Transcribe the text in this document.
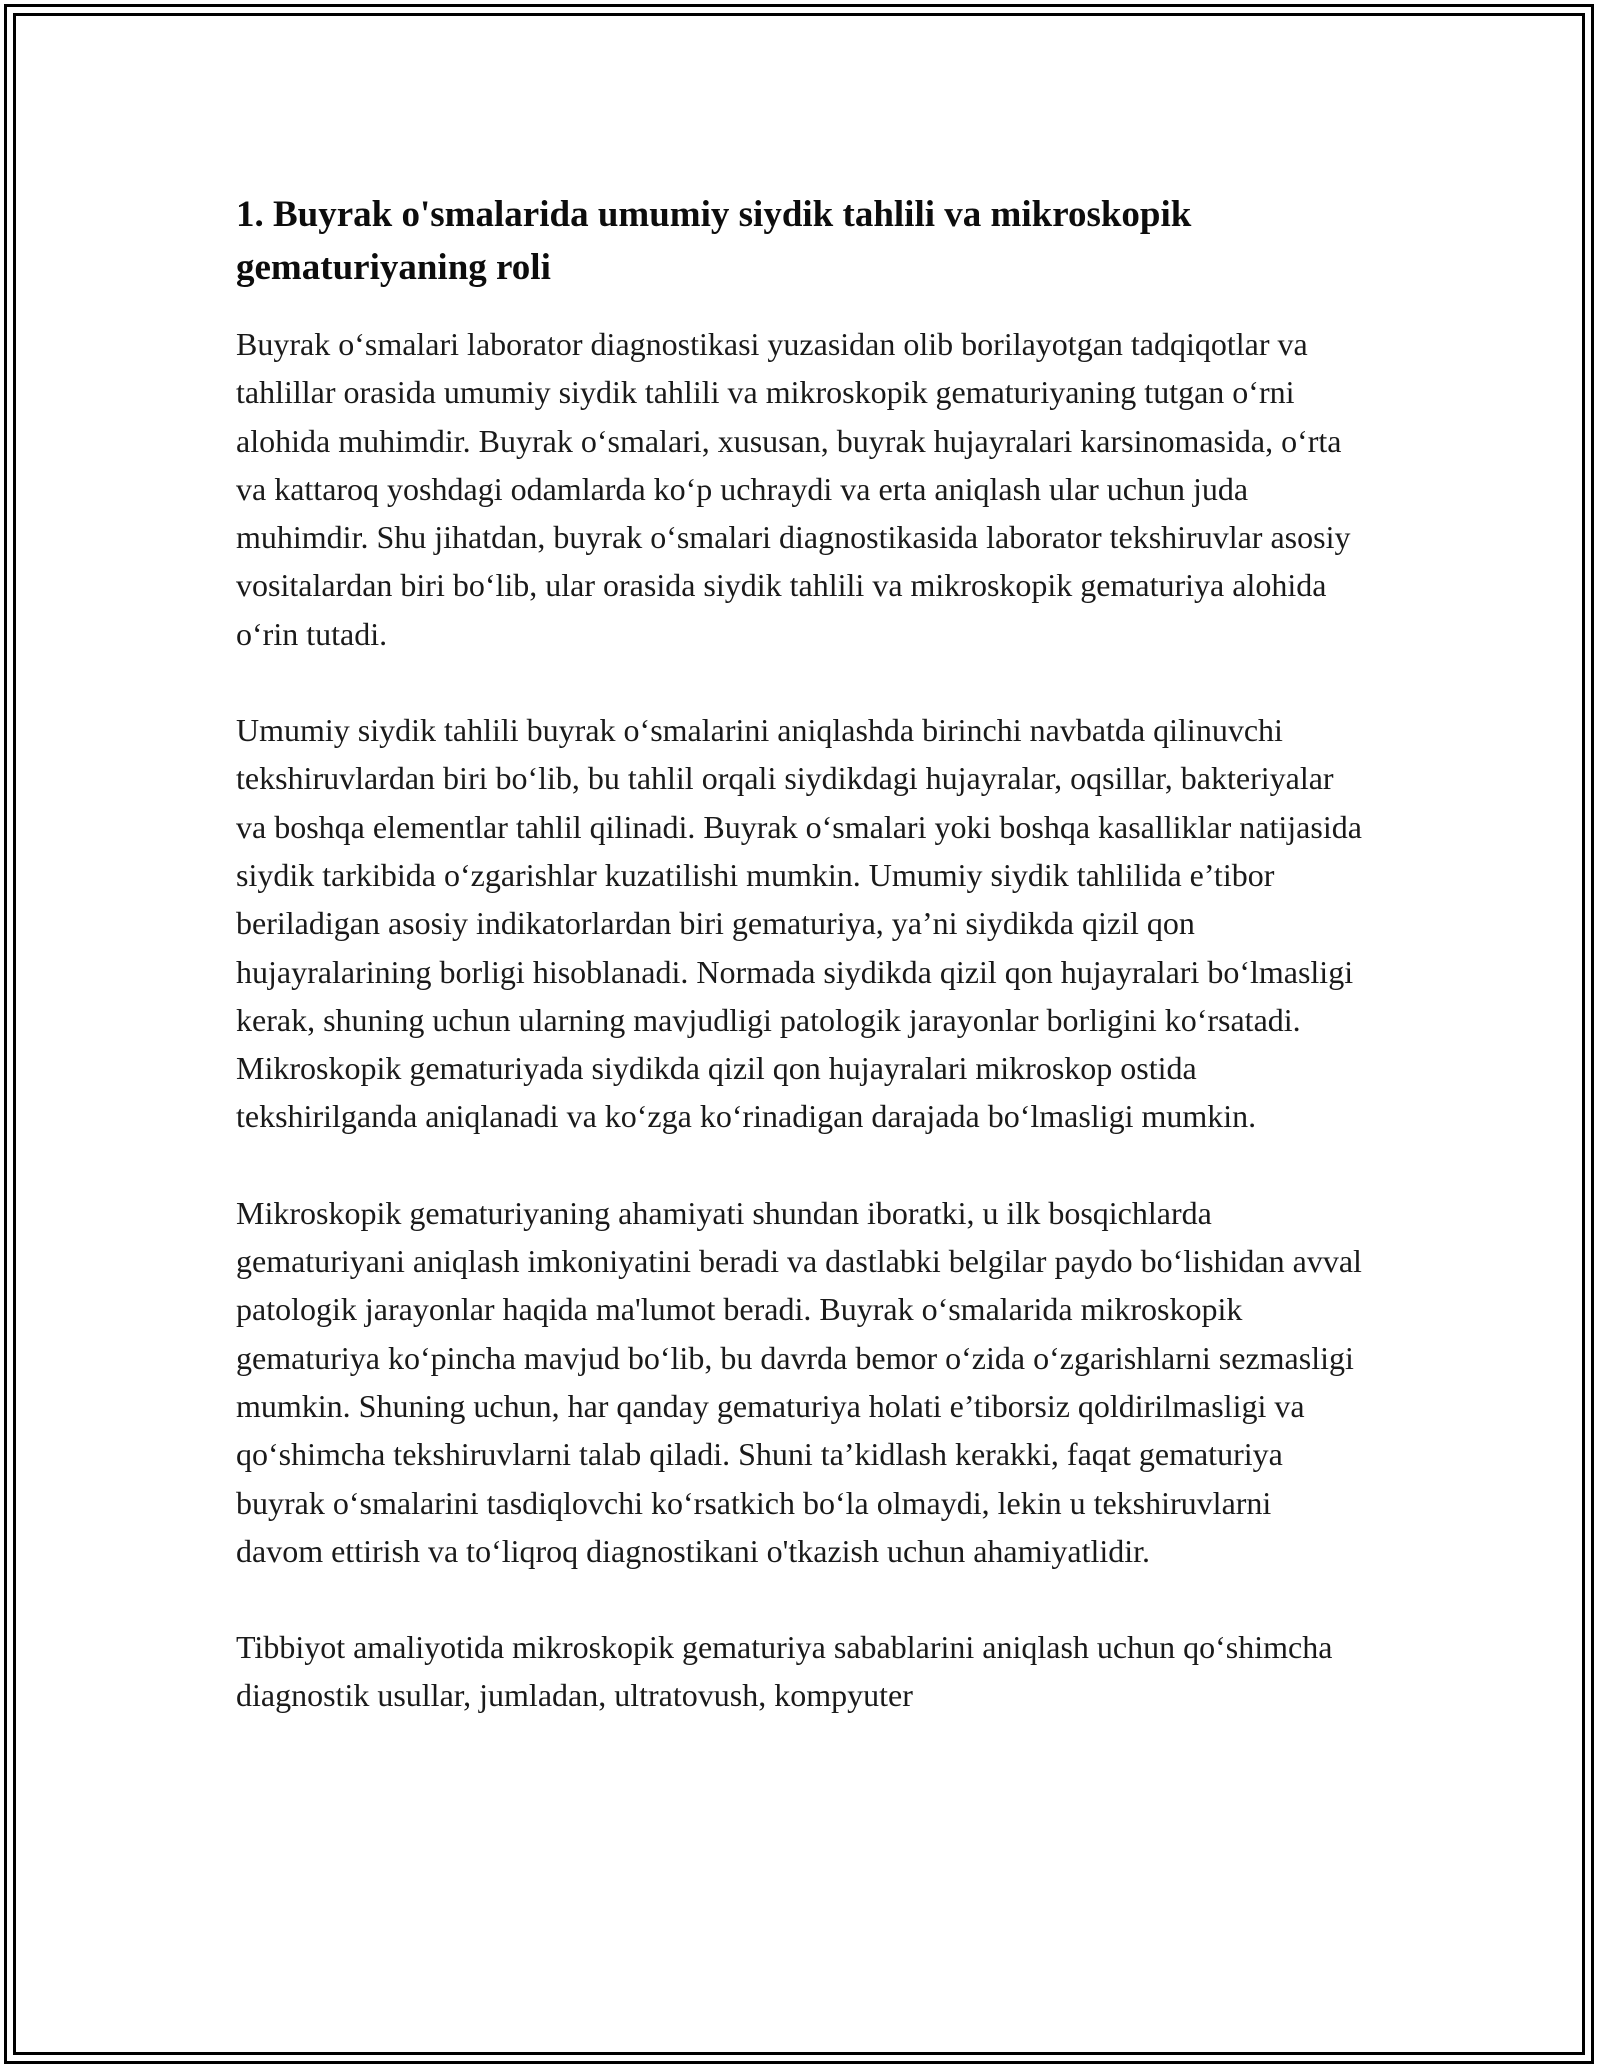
1. Buyrak o'smalarida umumiy siydik tahlili va mikroskopik gematuriyaning roli

Buyrak o‘smalari laborator diagnostikasi yuzasidan olib borilayotgan tadqiqotlar va tahlillar orasida umumiy siydik tahlili va mikroskopik gematuriyaning tutgan o‘rni alohida muhimdir. Buyrak o‘smalari, xususan, buyrak hujayralari karsinomasida, o‘rta va kattaroq yoshdagi odamlarda ko‘p uchraydi va erta aniqlash ular uchun juda muhimdir. Shu jihatdan, buyrak o‘smalari diagnostikasida laborator tekshiruvlar asosiy vositalardan biri bo‘lib, ular orasida siydik tahlili va mikroskopik gematuriya alohida o‘rin tutadi.

Umumiy siydik tahlili buyrak o‘smalarini aniqlashda birinchi navbatda qilinuvchi tekshiruvlardan biri bo‘lib, bu tahlil orqali siydikdagi hujayralar, oqsillar, bakteriyalar va boshqa elementlar tahlil qilinadi. Buyrak o‘smalari yoki boshqa kasalliklar natijasida siydik tarkibida o‘zgarishlar kuzatilishi mumkin. Umumiy siydik tahlilida e’tibor beriladigan asosiy indikatorlardan biri gematuriya, ya’ni siydikda qizil qon hujayralarining borligi hisoblanadi. Normada siydikda qizil qon hujayralari bo‘lmasligi kerak, shuning uchun ularning mavjudligi patologik jarayonlar borligini ko‘rsatadi. Mikroskopik gematuriyada siydikda qizil qon hujayralari mikroskop ostida tekshirilganda aniqlanadi va ko‘zga ko‘rinadigan darajada bo‘lmasligi mumkin.

Mikroskopik gematuriyaning ahamiyati shundan iboratki, u ilk bosqichlarda gematuriyani aniqlash imkoniyatini beradi va dastlabki belgilar paydo bo‘lishidan avval patologik jarayonlar haqida ma'lumot beradi. Buyrak o‘smalarida mikroskopik gematuriya ko‘pincha mavjud bo‘lib, bu davrda bemor o‘zida o‘zgarishlarni sezmasligi mumkin. Shuning uchun, har qanday gematuriya holati e’tiborsiz qoldirilmasligi va qo‘shimcha tekshiruvlarni talab qiladi. Shuni ta’kidlash kerakki, faqat gematuriya buyrak o‘smalarini tasdiqlovchi ko‘rsatkich bo‘la olmaydi, lekin u tekshiruvlarni davom ettirish va to‘liqroq diagnostikani o'tkazish uchun ahamiyatlidir.

Tibbiyot amaliyotida mikroskopik gematuriya sabablarini aniqlash uchun qo‘shimcha diagnostik usullar, jumladan, ultratovush, kompyuter
